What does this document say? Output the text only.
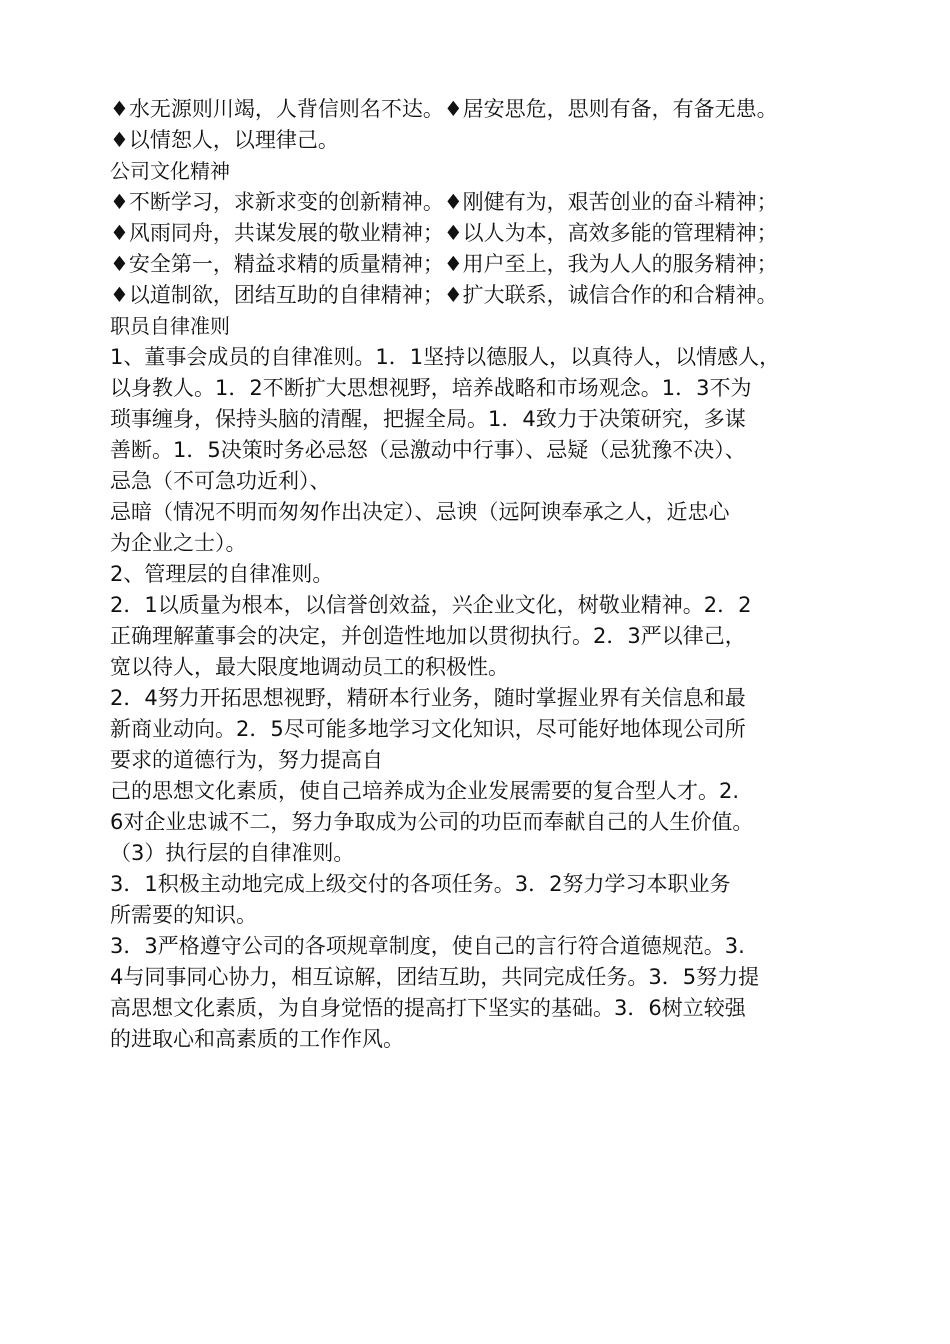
♦水无源则川竭，人背信则名不达。♦居安思危，思则有备，有备无患。
♦以情恕人，以理律己。
公司文化精神
♦不断学习，求新求变的创新精神。♦刚健有为，艰苦创业的奋斗精神；
♦风雨同舟，共谋发展的敬业精神；♦以人为本，高效多能的管理精神；
♦安全第一，精益求精的质量精神；♦用户至上，我为人人的服务精神；
♦以道制欲，团结互助的自律精神；♦扩大联系，诚信合作的和合精神。
职员自律准则
1、董事会成员的自律准则。1．1坚持以德服人，以真待人，以情感人，
以身教人。1．2不断扩大思想视野，培养战略和市场观念。1．3不为
琐事缠身，保持头脑的清醒，把握全局。1．4致力于决策研究，多谋
善断。1．5决策时务必忌怒（忌激动中行事）、忌疑（忌犹豫不决）、
忌急（不可急功近利）、
忌暗（情况不明而匆匆作出决定）、忌谀（远阿谀奉承之人，近忠心
为企业之士）。
2、管理层的自律准则。
2．1以质量为根本，以信誉创效益，兴企业文化，树敬业精神。2．2
正确理解董事会的决定，并创造性地加以贯彻执行。2．3严以律己，
宽以待人，最大限度地调动员工的积极性。
2．4努力开拓思想视野，精研本行业务，随时掌握业界有关信息和最
新商业动向。2．5尽可能多地学习文化知识，尽可能好地体现公司所
要求的道德行为，努力提高自
己的思想文化素质，使自己培养成为企业发展需要的复合型人才。2.
6对企业忠诚不二，努力争取成为公司的功臣而奉献自己的人生价值。
（3）执行层的自律准则。
3．1积极主动地完成上级交付的各项任务。3．2努力学习本职业务
所需要的知识。
3．3严格遵守公司的各项规章制度，使自己的言行符合道德规范。3.
4与同事同心协力，相互谅解，团结互助，共同完成任务。3．5努力提
高思想文化素质，为自身觉悟的提高打下坚实的基础。3．6树立较强
的进取心和高素质的工作作风。
